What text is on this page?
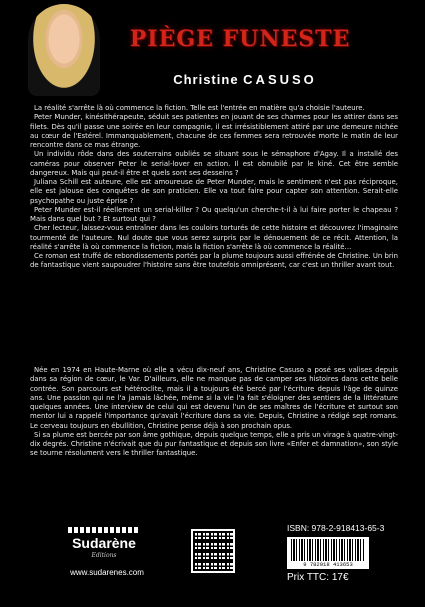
PIÈGE FUNESTE
Christine CASUSO

La réalité s'arrête là où commence la fiction. Telle est l'entrée en matière qu'a choisie l'auteure.

Peter Munder, kinésithérapeute, séduit ses patientes en jouant de ses charmes pour les attirer dans ses filets. Dès qu'il passe une soirée en leur compagnie, il est irrésistiblement attiré par une demeure nichée au cœur de l'Estérel. Immanquablement, chacune de ces femmes sera retrouvée morte le matin de leur rencontre dans ce mas étrange.

Un individu rôde dans des souterrains oubliés se situant sous le sémaphore d'Agay. Il a installé des caméras pour observer Peter le serial-lover en action. Il est obnubilé par le kiné. Cet être semble dangereux. Mais qui peut-il être et quels sont ses desseins ?

Juliana Schill est auteure, elle est amoureuse de Peter Munder, mais le sentiment n'est pas réciproque, elle est jalouse des conquêtes de son praticien. Elle va tout faire pour capter son attention. Serait-elle psychopathe ou juste éprise ?

Peter Munder est-il réellement un serial-killer ? Ou quelqu'un cherche-t-il à lui faire porter le chapeau ? Mais dans quel but ? Et surtout qui ?

Cher lecteur, laissez-vous entraîner dans les couloirs torturés de cette histoire et découvrez l'imaginaire tourmenté de l'auteure. Nul doute que vous serez surpris par le dénouement de ce récit. Attention, la réalité s'arrête là où commence la fiction, mais la fiction s'arrête là où commence la réalité…

Ce roman est truffé de rebondissements portés par la plume toujours aussi effrénée de Christine. Un brin de fantastique vient saupoudrer l'histoire sans être toutefois omniprésent, car c'est un thriller avant tout.

Née en 1974 en Haute-Marne où elle a vécu dix-neuf ans, Christine Casuso a posé ses valises depuis dans sa région de cœur, le Var. D'ailleurs, elle ne manque pas de camper ses histoires dans cette belle contrée. Son parcours est hétéroclite, mais il a toujours été bercé par l'écriture depuis l'âge de quinze ans. Une passion qui ne l'a jamais lâchée, même si la vie l'a fait s'éloigner des sentiers de la littérature quelques années. Une interview de celui qui est devenu l'un de ses maîtres de l'écriture et surtout son mentor lui a rappelé l'importance qu'avait l'écriture dans sa vie. Depuis, Christine a rédigé sept romans. Le cerveau toujours en ébullition, Christine pense déjà à son prochain opus.

Si sa plume est bercée par son âme gothique, depuis quelque temps, elle a pris un virage à quatre-vingt-dix degrés. Christine n'écrivait que du pur fantastique et depuis son livre «Enfer et damnation», son style se tourne résolument vers le thriller fantastique.

Sudarène
Editions
www.sudarenes.com
ISBN: 978-2-918413-65-3
9 782918 413653
Prix TTC: 17€
